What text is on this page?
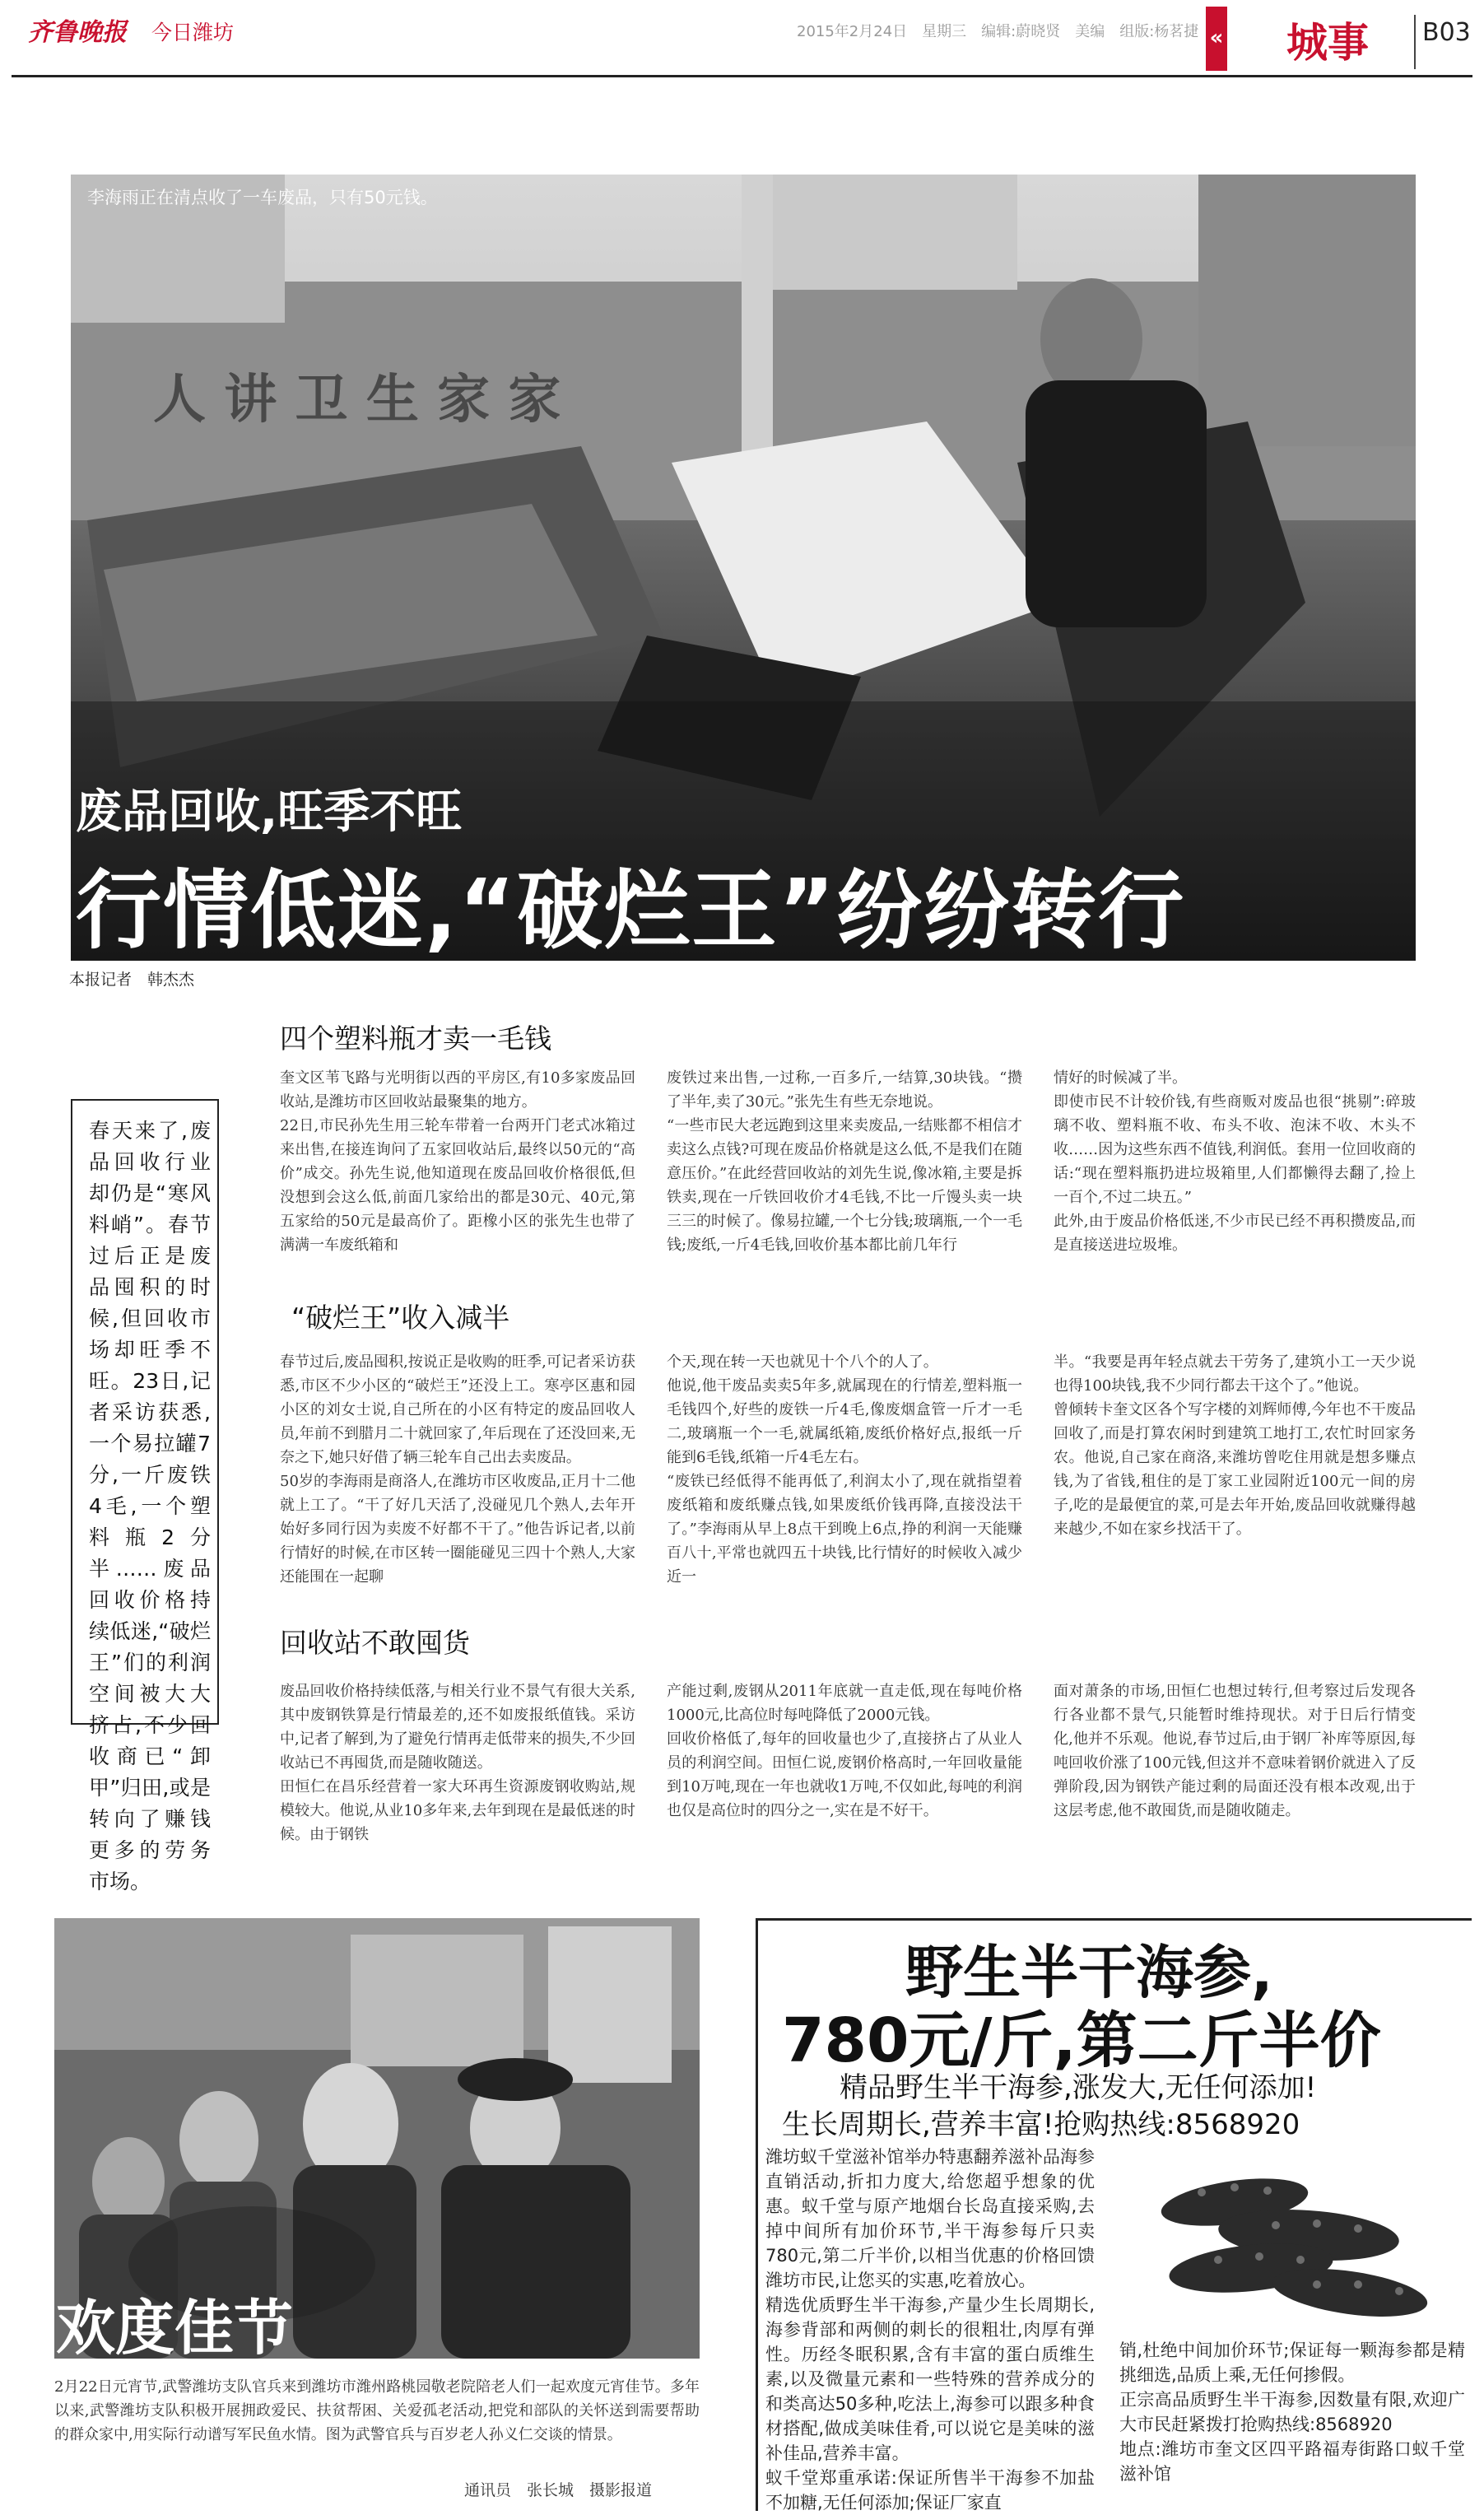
齐鲁晚报 今日潍坊	2015年2月24日　星期三　编辑:蔚晓贤　美编　组版:杨茗捷 « 城事 B03
人 讲 卫 生 家 家
李海雨正在清点收了一车废品，只有50元钱。
废品回收,旺季不旺
行情低迷,“破烂王”纷纷转行
本报记者　韩杰杰
春天来了,废品回收行业却仍是“寒风料峭”。春节过后正是废品囤积的时候,但回收市场却旺季不旺。23日,记者采访获悉,一个易拉罐7分,一斤废铁4毛,一个塑料瓶2分半……废品回收价格持续低迷,“破烂王”们的利润空间被大大挤占,不少回收商已“卸甲”归田,或是转向了赚钱更多的劳务市场。
四个塑料瓶才卖一毛钱
奎文区苇飞路与光明街以西的平房区,有10多家废品回收站,是潍坊市区回收站最聚集的地方。
22日,市民孙先生用三轮车带着一台两开门老式冰箱过来出售,在接连询问了五家回收站后,最终以50元的“高价”成交。孙先生说,他知道现在废品回收价格很低,但没想到会这么低,前面几家给出的都是30元、40元,第五家给的50元是最高价了。距橡小区的张先生也带了满满一车废纸箱和
废铁过来出售,一过称,一百多斤,一结算,30块钱。“攒了半年,卖了30元。”张先生有些无奈地说。
“一些市民大老远跑到这里来卖废品,一结账都不相信才卖这么点钱?可现在废品价格就是这么低,不是我们在随意压价。”在此经营回收站的刘先生说,像冰箱,主要是拆铁卖,现在一斤铁回收价才4毛钱,不比一斤馒头卖一块三三的时候了。像易拉罐,一个七分钱;玻璃瓶,一个一毛钱;废纸,一斤4毛钱,回收价基本都比前几年行
情好的时候减了半。
即使市民不计较价钱,有些商贩对废品也很“挑剔”:碎玻璃不收、塑料瓶不收、布头不收、泡沫不收、木头不收……因为这些东西不值钱,利润低。套用一位回收商的话:“现在塑料瓶扔进垃圾箱里,人们都懒得去翻了,捡上一百个,不过二块五。”
此外,由于废品价格低迷,不少市民已经不再积攒废品,而是直接送进垃圾堆。
“破烂王”收入减半
春节过后,废品囤积,按说正是收购的旺季,可记者采访获悉,市区不少小区的“破烂王”还没上工。寒亭区惠和园小区的刘女士说,自己所在的小区有特定的废品回收人员,年前不到腊月二十就回家了,年后现在了还没回来,无奈之下,她只好借了辆三轮车自己出去卖废品。
50岁的李海雨是商洛人,在潍坊市区收废品,正月十二他就上工了。“干了好几天活了,没碰见几个熟人,去年开始好多同行因为卖废不好都不干了。”他告诉记者,以前行情好的时候,在市区转一圈能碰见三四十个熟人,大家还能围在一起聊
个天,现在转一天也就见十个八个的人了。
他说,他干废品卖卖5年多,就属现在的行情差,塑料瓶一毛钱四个,好些的废铁一斤4毛,像废烟盒管一斤才一毛二,玻璃瓶一个一毛,就属纸箱,废纸价格好点,报纸一斤能到6毛钱,纸箱一斤4毛左右。
“废铁已经低得不能再低了,利润太小了,现在就指望着废纸箱和废纸赚点钱,如果废纸价钱再降,直接没法干了。”李海雨从早上8点干到晚上6点,挣的利润一天能赚百八十,平常也就四五十块钱,比行情好的时候收入减少近一
半。“我要是再年轻点就去干劳务了,建筑小工一天少说也得100块钱,我不少同行都去干这个了。”他说。
曾倾转卡奎文区各个写字楼的刘辉师傅,今年也不干废品回收了,而是打算农闲时到建筑工地打工,农忙时回家务农。他说,自己家在商洛,来潍坊曾吃住用就是想多赚点钱,为了省钱,租住的是丁家工业园附近100元一间的房子,吃的是最便宜的菜,可是去年开始,废品回收就赚得越来越少,不如在家乡找活干了。
回收站不敢囤货
废品回收价格持续低落,与相关行业不景气有很大关系,其中废钢铁算是行情最差的,还不如废报纸值钱。采访中,记者了解到,为了避免行情再走低带来的损失,不少回收站已不再囤货,而是随收随送。
田恒仁在昌乐经营着一家大环再生资源废钢收购站,规模较大。他说,从业10多年来,去年到现在是最低迷的时候。由于钢铁
产能过剩,废钢从2011年底就一直走低,现在每吨价格1000元,比高位时每吨降低了2000元钱。
回收价格低了,每年的回收量也少了,直接挤占了从业人员的利润空间。田恒仁说,废钢价格高时,一年回收量能到10万吨,现在一年也就收1万吨,不仅如此,每吨的利润也仅是高位时的四分之一,实在是不好干。
面对萧条的市场,田恒仁也想过转行,但考察过后发现各行各业都不景气,只能暂时维持现状。对于日后行情变化,他并不乐观。他说,春节过后,由于钢厂补库等原因,每吨回收价涨了100元钱,但这并不意味着钢价就进入了反弹阶段,因为钢铁产能过剩的局面还没有根本改观,出于这层考虑,他不敢囤货,而是随收随走。
欢度佳节
2月22日元宵节,武警潍坊支队官兵来到潍坊市潍州路桃园敬老院陪老人们一起欢度元宵佳节。多年以来,武警潍坊支队积极开展拥政爱民、扶贫帮困、关爱孤老活动,把党和部队的关怀送到需要帮助的群众家中,用实际行动谱写军民鱼水情。图为武警官兵与百岁老人孙义仁交谈的情景。
通讯员　张长城　摄影报道
野生半干海参,
780元/斤,第二斤半价
精品野生半干海参,涨发大,无任何添加!
生长周期长,营养丰富!抢购热线:8568920
潍坊蚁千堂滋补馆举办特惠翻养滋补品海参直销活动,折扣力度大,给您超乎想象的优惠。蚁千堂与原产地烟台长岛直接采购,去掉中间所有加价环节,半干海参每斤只卖780元,第二斤半价,以相当优惠的价格回馈潍坊市民,让您买的实惠,吃着放心。
精选优质野生半干海参,产量少生长周期长,海参背部和两侧的刺长的很粗壮,肉厚有弹性。历经冬眠积累,含有丰富的蛋白质维生素,以及微量元素和一些特殊的营养成分的和类高达50多种,吃法上,海参可以跟多种食材搭配,做成美味佳肴,可以说它是美味的滋补佳品,营养丰富。
蚁千堂郑重承诺:保证所售半干海参不加盐不加糖,无任何添加;保证厂家直
销,杜绝中间加价环节;保证每一颗海参都是精挑细选,品质上乘,无任何掺假。
正宗高品质野生半干海参,因数量有限,欢迎广大市民赶紧拨打抢购热线:8568920
地点:潍坊市奎文区四平路福寿街路口蚁千堂滋补馆
